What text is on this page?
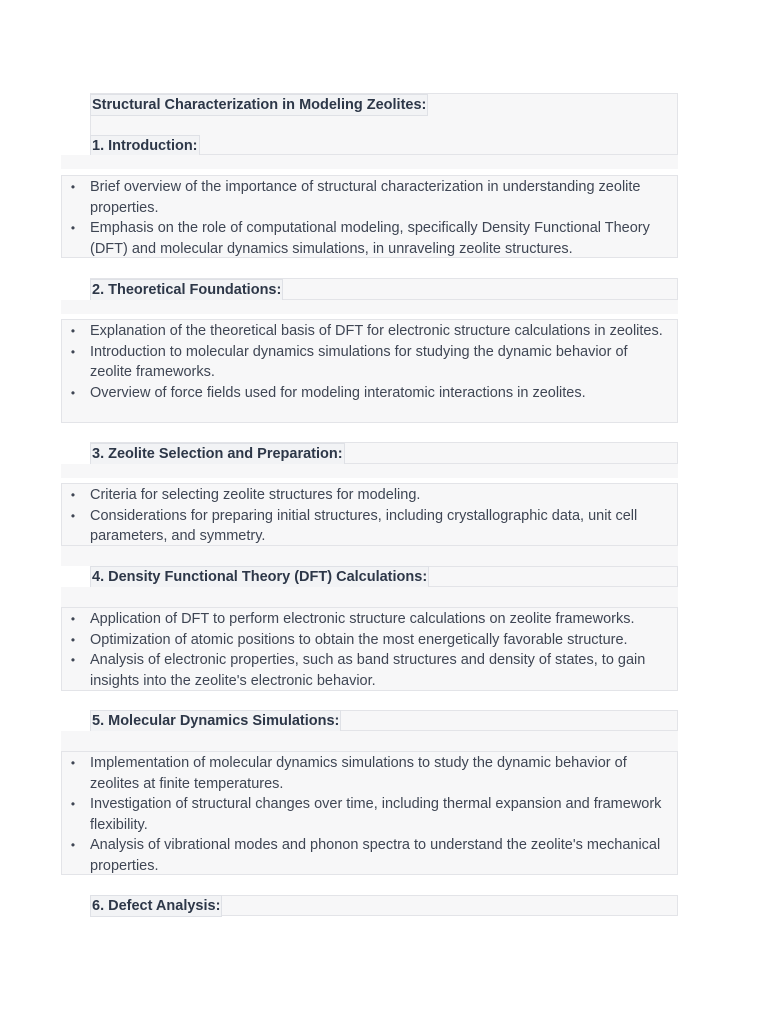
Structural Characterization in Modeling Zeolites:
1. Introduction:
• Brief overview of the importance of structural characterization in understanding zeolite properties.
• Emphasis on the role of computational modeling, specifically Density Functional Theory (DFT) and molecular dynamics simulations, in unraveling zeolite structures.
2. Theoretical Foundations:
• Explanation of the theoretical basis of DFT for electronic structure calculations in zeolites.
• Introduction to molecular dynamics simulations for studying the dynamic behavior of zeolite frameworks.
• Overview of force fields used for modeling interatomic interactions in zeolites.
3. Zeolite Selection and Preparation:
• Criteria for selecting zeolite structures for modeling.
• Considerations for preparing initial structures, including crystallographic data, unit cell parameters, and symmetry.
4. Density Functional Theory (DFT) Calculations:
• Application of DFT to perform electronic structure calculations on zeolite frameworks.
• Optimization of atomic positions to obtain the most energetically favorable structure.
• Analysis of electronic properties, such as band structures and density of states, to gain insights into the zeolite's electronic behavior.
5. Molecular Dynamics Simulations:
• Implementation of molecular dynamics simulations to study the dynamic behavior of zeolites at finite temperatures.
• Investigation of structural changes over time, including thermal expansion and framework flexibility.
• Analysis of vibrational modes and phonon spectra to understand the zeolite's mechanical properties.
6. Defect Analysis:
